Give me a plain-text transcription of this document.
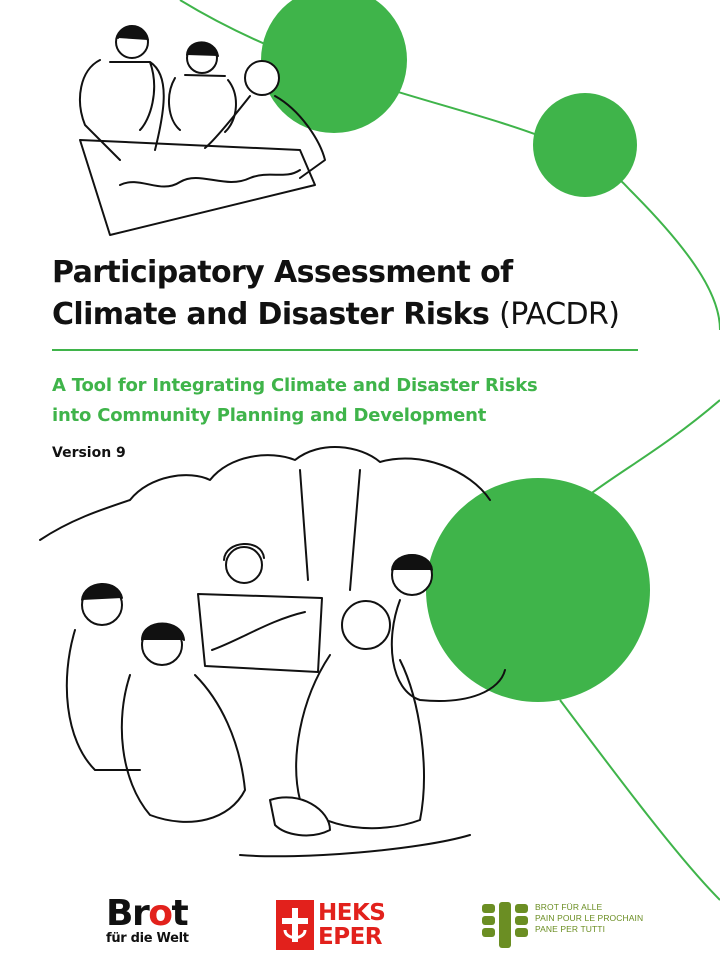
Participatory Assessment of
Climate and Disaster Risks (PACDR)
A Tool for Integrating Climate and Disaster Risks
into Community Planning and Development
Version 9
Brot
für die Welt
HEKS
EPER
BROT FÜR ALLE
PAIN POUR LE PROCHAIN
PANE PER TUTTI
